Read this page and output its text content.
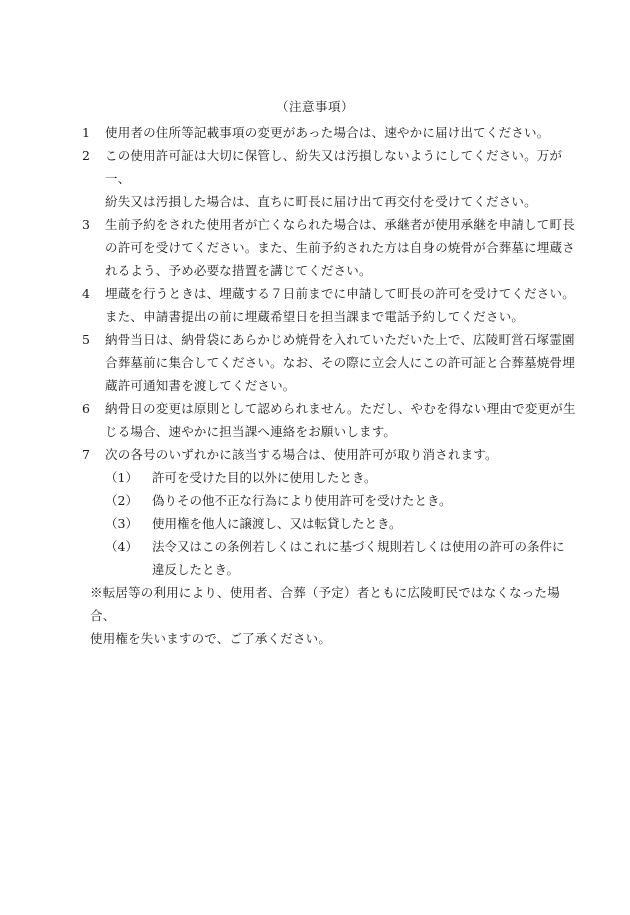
（注意事項）
1	使用者の住所等記載事項の変更があった場合は、速やかに届け出てください。
2	この使用許可証は大切に保管し、紛失又は汚損しないようにしてください。万が一、
紛失又は汚損した場合は、直ちに町長に届け出て再交付を受けてください。
3	生前予約をされた使用者が亡くなられた場合は、承継者が使用承継を申請して町長
の許可を受けてください。また、生前予約された方は自身の焼骨が合葬墓に埋蔵さ
れるよう、予め必要な措置を講じてください。
4	埋蔵を行うときは、埋蔵する７日前までに申請して町長の許可を受けてください。
また、申請書提出の前に埋蔵希望日を担当課まで電話予約してください。
5	納骨当日は、納骨袋にあらかじめ焼骨を入れていただいた上で、広陵町営石塚霊園
合葬墓前に集合してください。なお、その際に立会人にこの許可証と合葬墓焼骨埋
蔵許可通知書を渡してください。
6	納骨日の変更は原則として認められません。ただし、やむを得ない理由で変更が生
じる場合、速やかに担当課へ連絡をお願いします。
7	次の各号のいずれかに該当する場合は、使用許可が取り消されます。
（1）	許可を受けた目的以外に使用したとき。
（2）	偽りその他不正な行為により使用許可を受けたとき。
（3）	使用権を他人に譲渡し、又は転貸したとき。
（4）	法令又はこの条例若しくはこれに基づく規則若しくは使用の許可の条件に
違反したとき。
※転居等の利用により、使用者、合葬（予定）者ともに広陵町民ではなくなった場合、
使用権を失いますので、ご了承ください。
